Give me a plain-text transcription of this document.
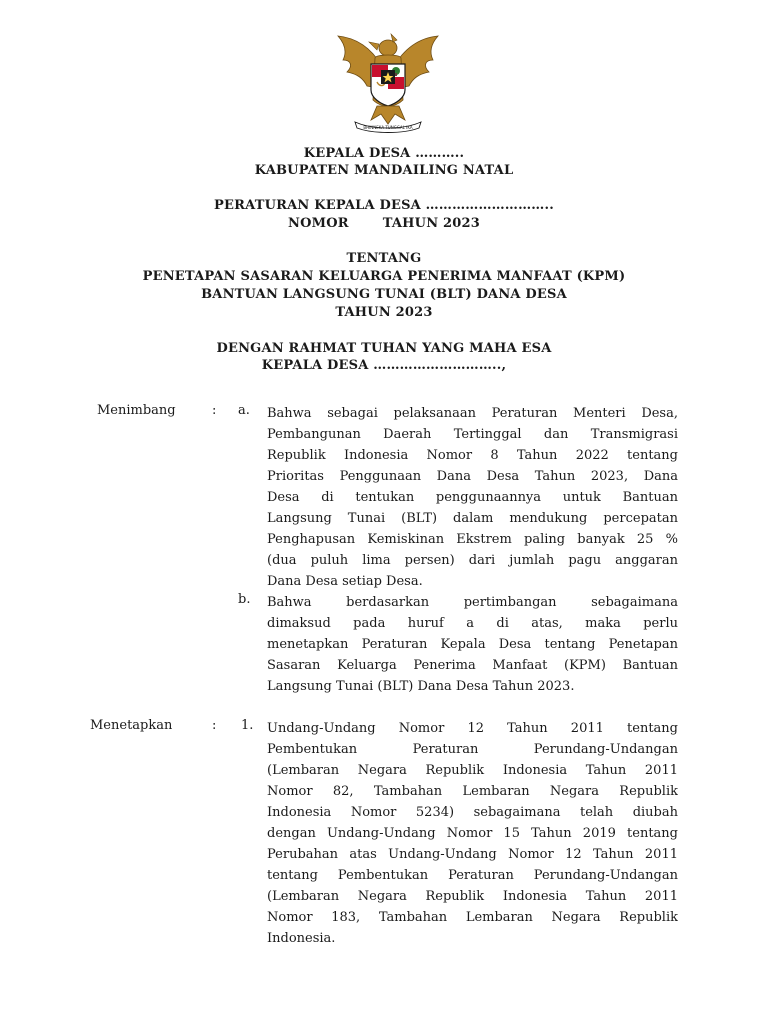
BHINNEKA TUNGGAL IKA
KEPALA DESA ………..
KABUPATEN MANDAILING NATAL
PERATURAN KEPALA DESA ………………………..
NOMOR	TAHUN 2023
TENTANG
PENETAPAN SASARAN KELUARGA PENERIMA MANFAAT (KPM)
BANTUAN LANGSUNG TUNAI (BLT) DANA DESA
TAHUN 2023
DENGAN RAHMAT TUHAN YANG MAHA ESA
KEPALA DESA ………………………..,
Menimbang	: a. Bahwa sebagai pelaksanaan Peraturan Menteri Desa,
Pembangunan Daerah Tertinggal dan Transmigrasi
Republik Indonesia Nomor 8 Tahun 2022 tentang
Prioritas Penggunaan Dana Desa Tahun 2023, Dana
Desa di tentukan penggunaannya untuk Bantuan
Langsung Tunai (BLT) dalam mendukung percepatan
Penghapusan Kemiskinan Ekstrem paling banyak 25 %
(dua puluh lima persen) dari jumlah pagu anggaran
Dana Desa setiap Desa.
b. Bahwa berdasarkan pertimbangan sebagaimana
dimaksud pada huruf a di atas, maka perlu
menetapkan Peraturan Kepala Desa tentang Penetapan
Sasaran Keluarga Penerima Manfaat (KPM) Bantuan
Langsung Tunai (BLT) Dana Desa Tahun 2023.
Menetapkan	: 1. Undang-Undang Nomor 12 Tahun 2011 tentang
Pembentukan Peraturan Perundang-Undangan
(Lembaran Negara Republik Indonesia Tahun 2011
Nomor 82, Tambahan Lembaran Negara Republik
Indonesia Nomor 5234) sebagaimana telah diubah
dengan Undang-Undang Nomor 15 Tahun 2019 tentang
Perubahan atas Undang-Undang Nomor 12 Tahun 2011
tentang Pembentukan Peraturan Perundang-Undangan
(Lembaran Negara Republik Indonesia Tahun 2011
Nomor 183, Tambahan Lembaran Negara Republik
Indonesia.
